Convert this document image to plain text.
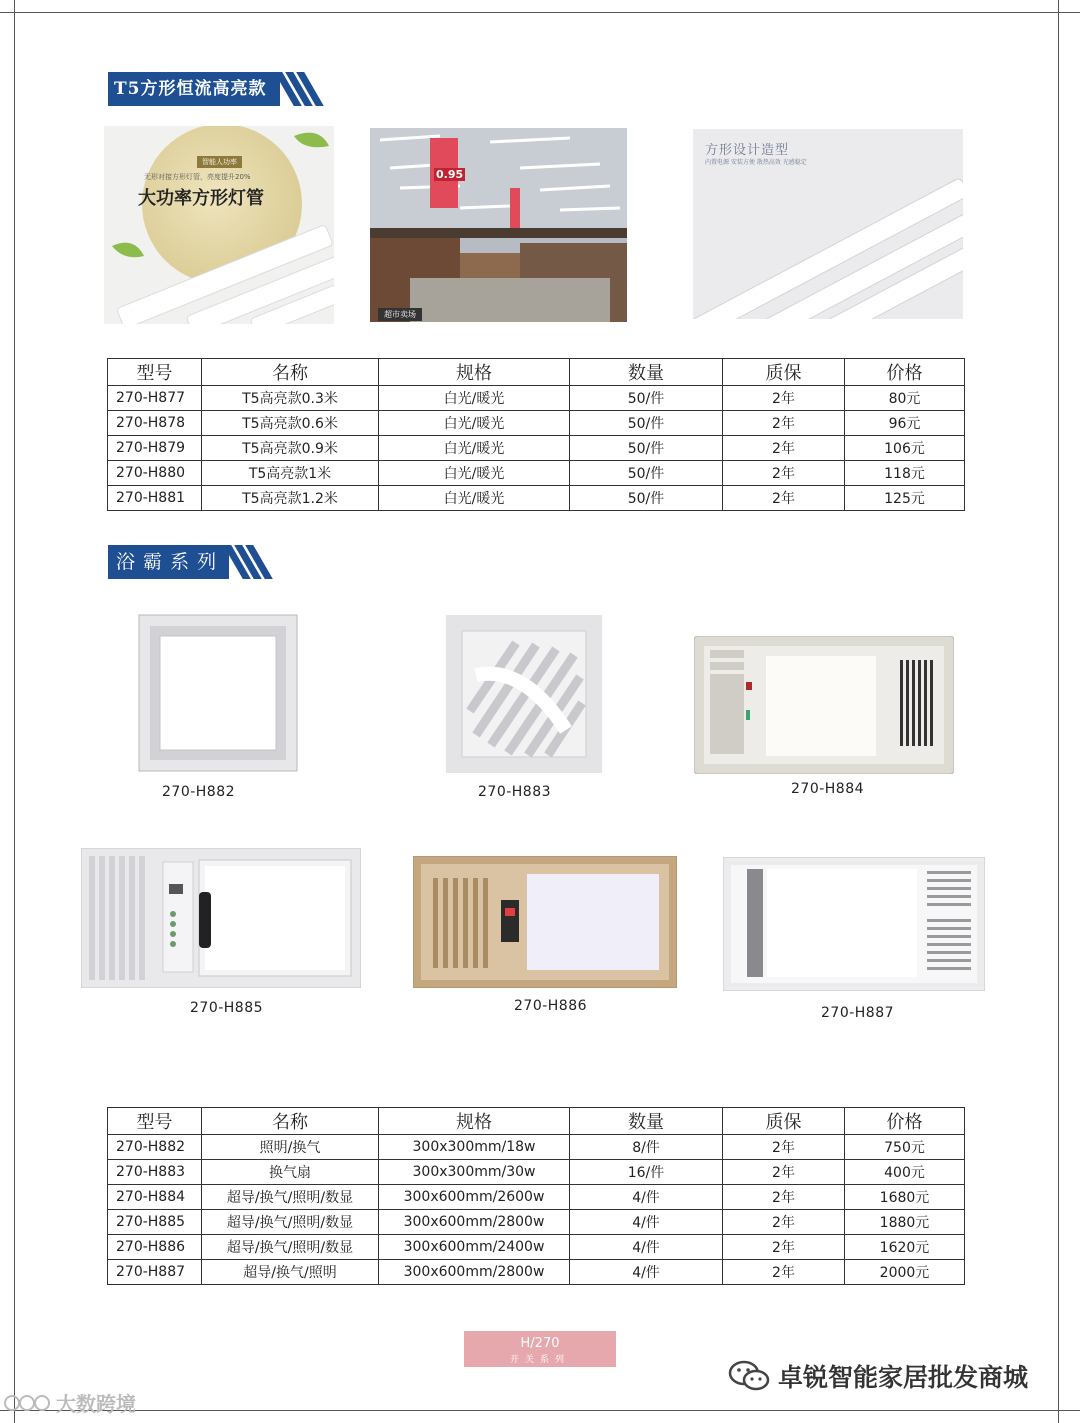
T5方形恒流高亮款
智能人功率
无形对接方形灯管，亮度提升20%
大功率方形灯管
0.95
超市卖场
方形设计造型
内置电源 安装方便 散热高效 光感稳定
型号	名称	规格	数量	质保	价格
270-H877	T5高亮款0.3米	白光/暖光	50/件	2年	80元
270-H878	T5高亮款0.6米	白光/暖光	50/件	2年	96元
270-H879	T5高亮款0.9米	白光/暖光	50/件	2年	106元
270-H880	T5高亮款1米	白光/暖光	50/件	2年	118元
270-H881	T5高亮款1.2米	白光/暖光	50/件	2年	125元
浴 霸 系 列
270-H882	270-H883	270-H884
270-H885	270-H886	270-H887
型号	名称	规格	数量	质保	价格
270-H882	照明/换气	300x300mm/18w	8/件	2年	750元
270-H883	换气扇	300x300mm/30w	16/件	2年	400元
270-H884	超导/换气/照明/数显	300x600mm/2600w	4/件	2年	1680元
270-H885	超导/换气/照明/数显	300x600mm/2800w	4/件	2年	1880元
270-H886	超导/换气/照明/数显	300x600mm/2400w	4/件	2年	1620元
270-H887	超导/换气/照明	300x600mm/2800w	4/件	2年	2000元
H/270
开关系列
卓锐智能家居批发商城
大数跨境
